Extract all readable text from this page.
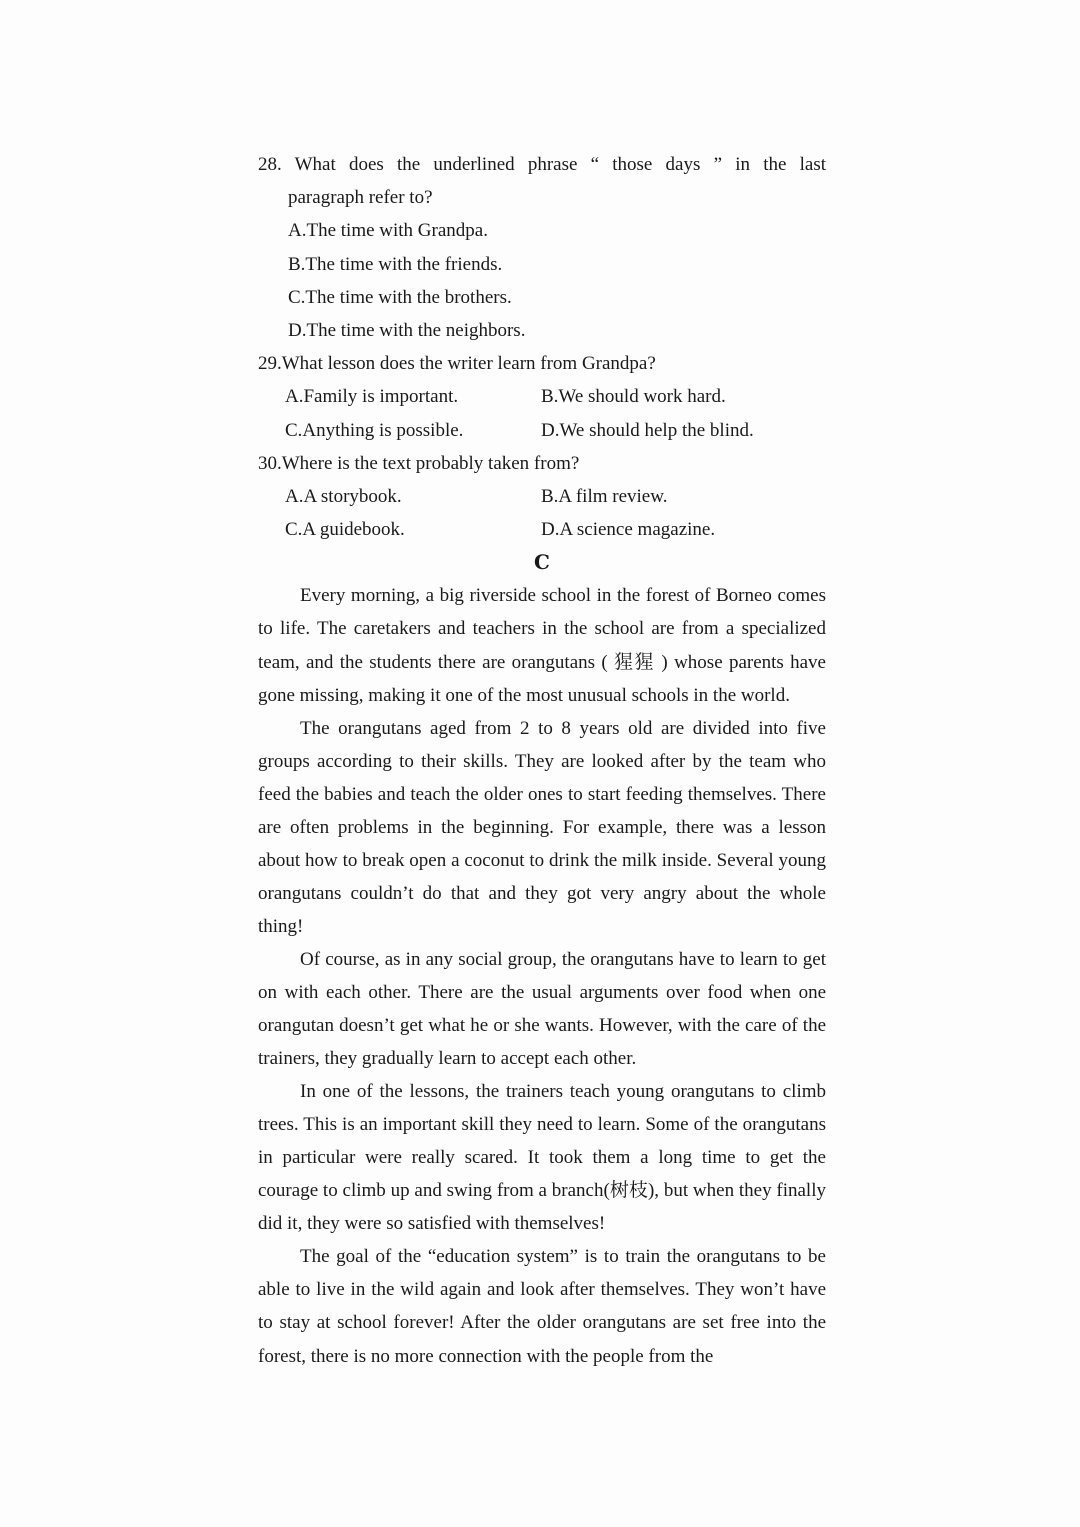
28. What does the underlined phrase “ those days ” in the last
paragraph refer to?
A.The time with Grandpa.
B.The time with the friends.
C.The time with the brothers.
D.The time with the neighbors.
29.What lesson does the writer learn from Grandpa?
A.Family is important.	B.We should work hard.
C.Anything is possible.	D.We should help the blind.
30.Where is the text probably taken from?
A.A storybook.	B.A film review.
C.A guidebook.	D.A science magazine.
C

Every morning, a big riverside school in the forest of Borneo comes to life. The caretakers and teachers in the school are from a specialized team, and the students there are orangutans ( 猩猩 ) whose parents have gone missing, making it one of the most unusual schools in the world.

The orangutans aged from 2 to 8 years old are divided into five groups according to their skills. They are looked after by the team who feed the babies and teach the older ones to start feeding themselves. There are often problems in the beginning. For example, there was a lesson about how to break open a coconut to drink the milk inside. Several young orangutans couldn’t do that and they got very angry about the whole thing!

Of course, as in any social group, the orangutans have to learn to get on with each other. There are the usual arguments over food when one orangutan doesn’t get what he or she wants. However, with the care of the trainers, they gradually learn to accept each other.

In one of the lessons, the trainers teach young orangutans to climb trees. This is an important skill they need to learn. Some of the orangutans in particular were really scared. It took them a long time to get the courage to climb up and swing from a branch(树枝), but when they finally did it, they were so satisfied with themselves!

The goal of the “education system” is to train the orangutans to be able to live in the wild again and look after themselves. They won’t have to stay at school forever! After the older orangutans are set free into the forest, there is no more connection with the people from the
